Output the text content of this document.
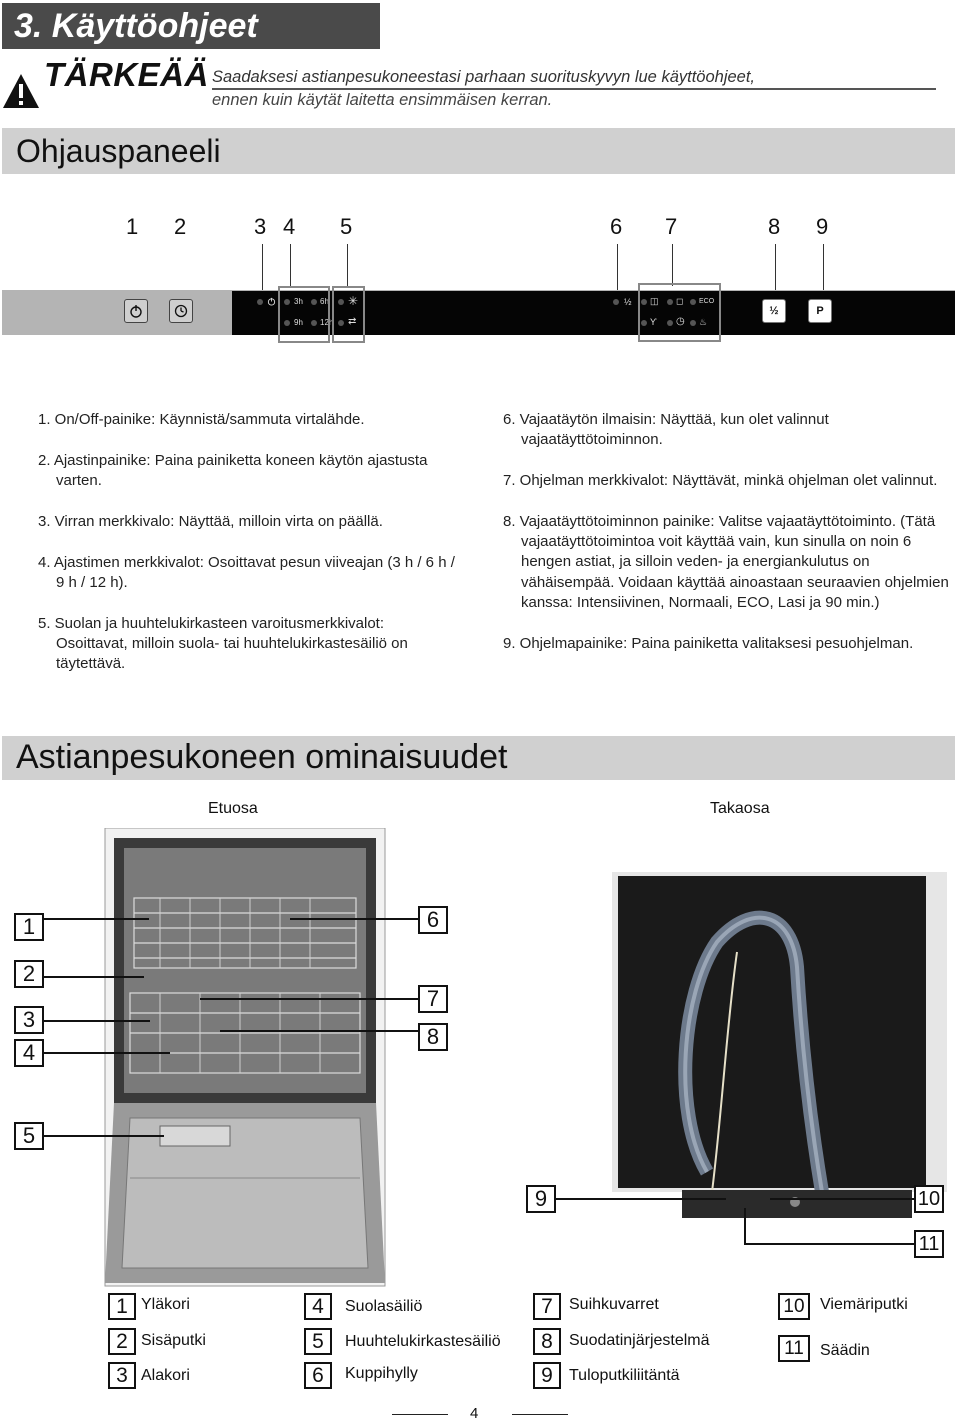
3. Käyttöohjeet
TÄRKEÄÄ Saadaksesi astianpesukoneestasi parhaan suorituskyvyn lue käyttöohjeet,
ennen kuin käytät laitetta ensimmäisen kerran.
Ohjauspaneeli
1 2	3 4 5	6 7	8 9
3h 6h
9h 12h
✳
⇄
½ ◫ ◻ ECO
Ƴ ◷ ♨
½	P

1. On/Off-painike: Käynnistä/sammuta virtalähde.

2. Ajastinpainike: Paina painiketta koneen käytön ajastusta varten.

3. Virran merkkivalo: Näyttää, milloin virta on päällä.

4. Ajastimen merkkivalot: Osoittavat pesun viiveajan (3 h / 6 h / 9 h / 12 h).

5. Suolan ja huuhtelukirkasteen varoitusmerkkivalot: Osoittavat, milloin suola- tai huuhtelukirkastesäiliö on täytettävä.

6. Vajaatäytön ilmaisin: Näyttää, kun olet valinnut vajaatäyttötoiminnon.

7. Ohjelman merkkivalot: Näyttävät, minkä ohjelman olet valinnut.

8. Vajaatäyttötoiminnon painike: Valitse vajaatäyttötoiminto. (Tätä vajaatäyttötoimintoa voit käyttää vain, kun sinulla on noin 6 hengen astiat, ja silloin veden- ja energiankulutus on vähäisempää. Voidaan käyttää ainoastaan seuraavien ohjelmien kanssa: Intensiivinen, Normaali, ECO, Lasi ja 90 min.)

9. Ohjelmapainike: Paina painiketta valitaksesi pesuohjelman.

Astianpesukoneen ominaisuudet
Etuosa	Takaosa
1
2
3
4
5
6
7
8
9	10
11
1 Yläkori
2 Sisäputki
3 Alakori
4	Suolasäiliö
5	Huuhtelukirkastesäiliö
6	Kuppihylly
7	Suihkuvarret
8	Suodatinjärjestelmä
9	Tuloputkiliitäntä
10 Viemäriputki
11	Säädin
4
